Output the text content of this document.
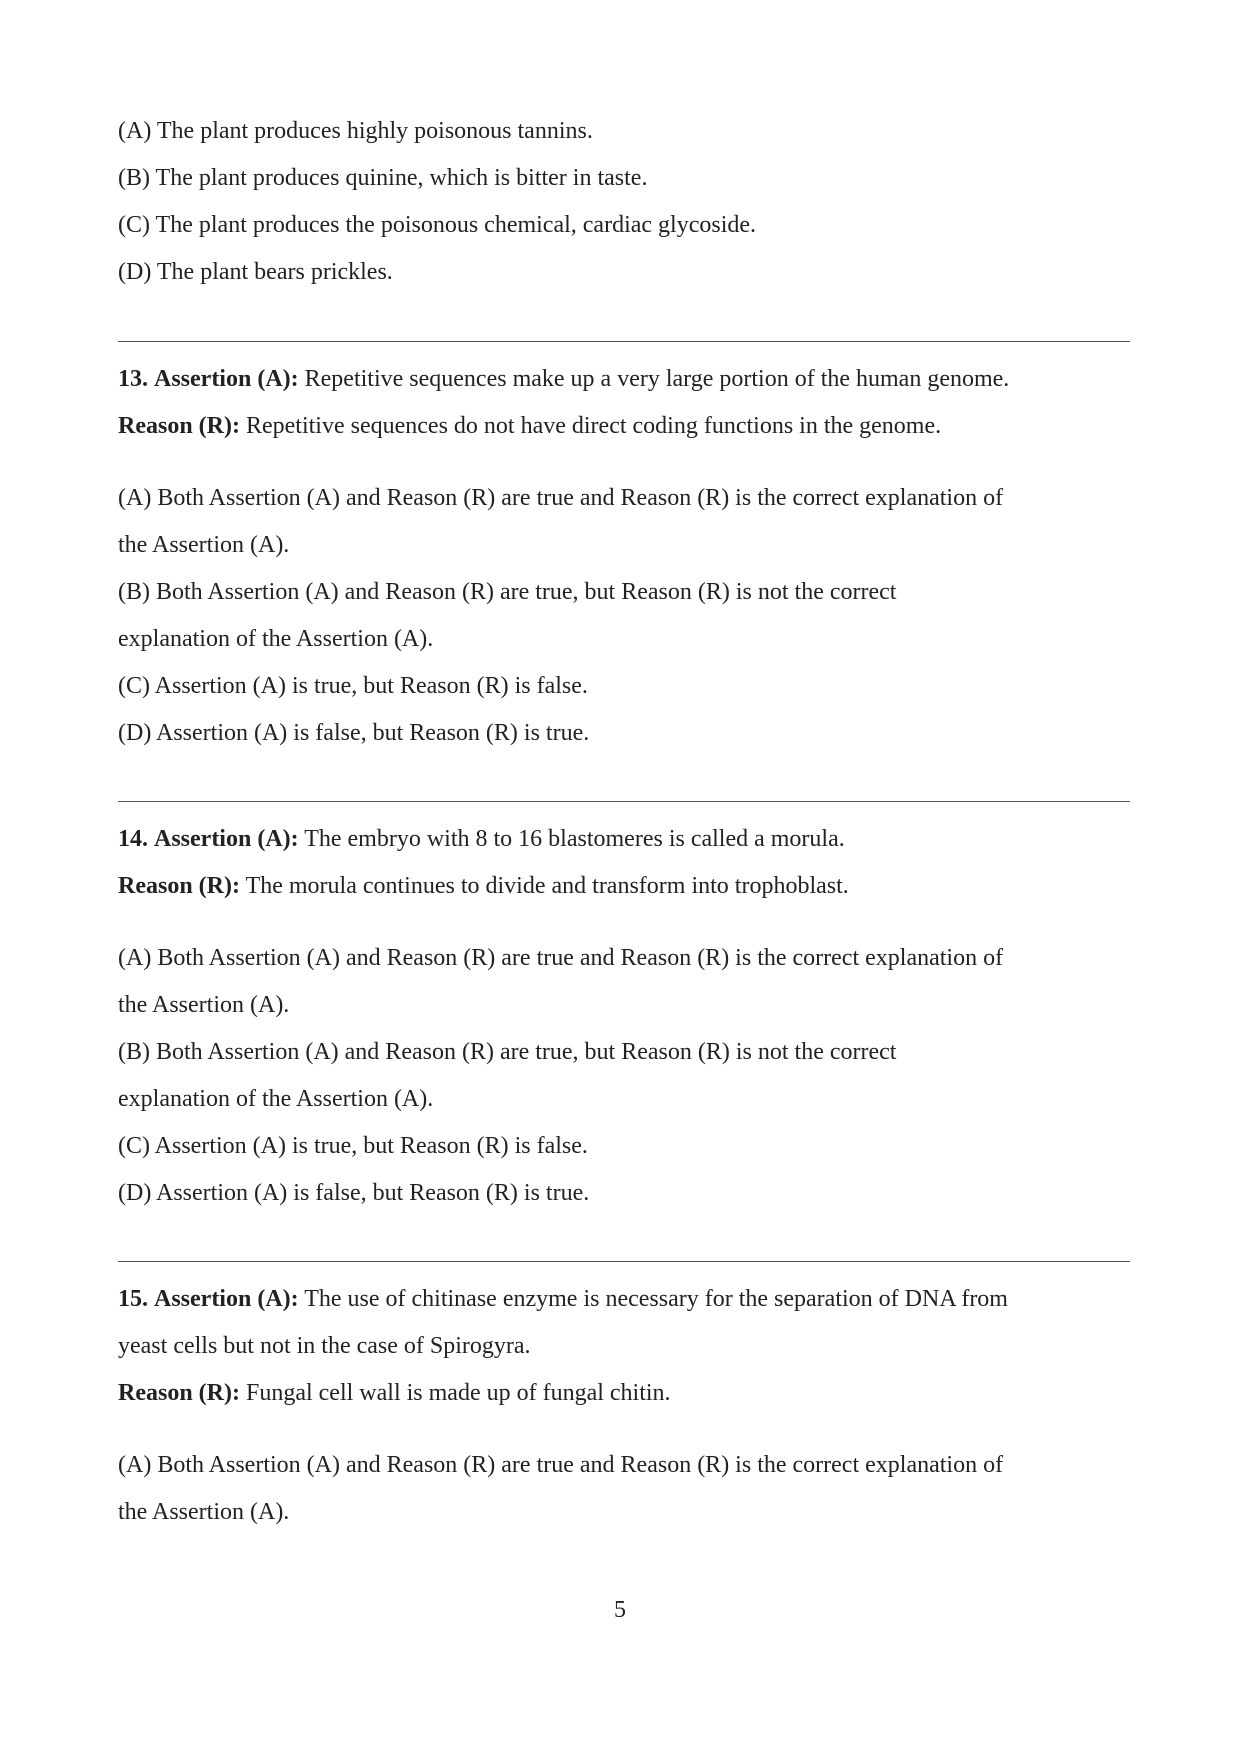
(A) The plant produces highly poisonous tannins.

(B) The plant produces quinine, which is bitter in taste.

(C) The plant produces the poisonous chemical, cardiac glycoside.

(D) The plant bears prickles.

13. Assertion (A): Repetitive sequences make up a very large portion of the human genome.

Reason (R): Repetitive sequences do not have direct coding functions in the genome.

(A) Both Assertion (A) and Reason (R) are true and Reason (R) is the correct explanation of

the Assertion (A).

(B) Both Assertion (A) and Reason (R) are true, but Reason (R) is not the correct

explanation of the Assertion (A).

(C) Assertion (A) is true, but Reason (R) is false.

(D) Assertion (A) is false, but Reason (R) is true.

14. Assertion (A): The embryo with 8 to 16 blastomeres is called a morula.

Reason (R): The morula continues to divide and transform into trophoblast.

(A) Both Assertion (A) and Reason (R) are true and Reason (R) is the correct explanation of

the Assertion (A).

(B) Both Assertion (A) and Reason (R) are true, but Reason (R) is not the correct

explanation of the Assertion (A).

(C) Assertion (A) is true, but Reason (R) is false.

(D) Assertion (A) is false, but Reason (R) is true.

15. Assertion (A): The use of chitinase enzyme is necessary for the separation of DNA from

yeast cells but not in the case of Spirogyra.

Reason (R): Fungal cell wall is made up of fungal chitin.

(A) Both Assertion (A) and Reason (R) are true and Reason (R) is the correct explanation of

the Assertion (A).

5
